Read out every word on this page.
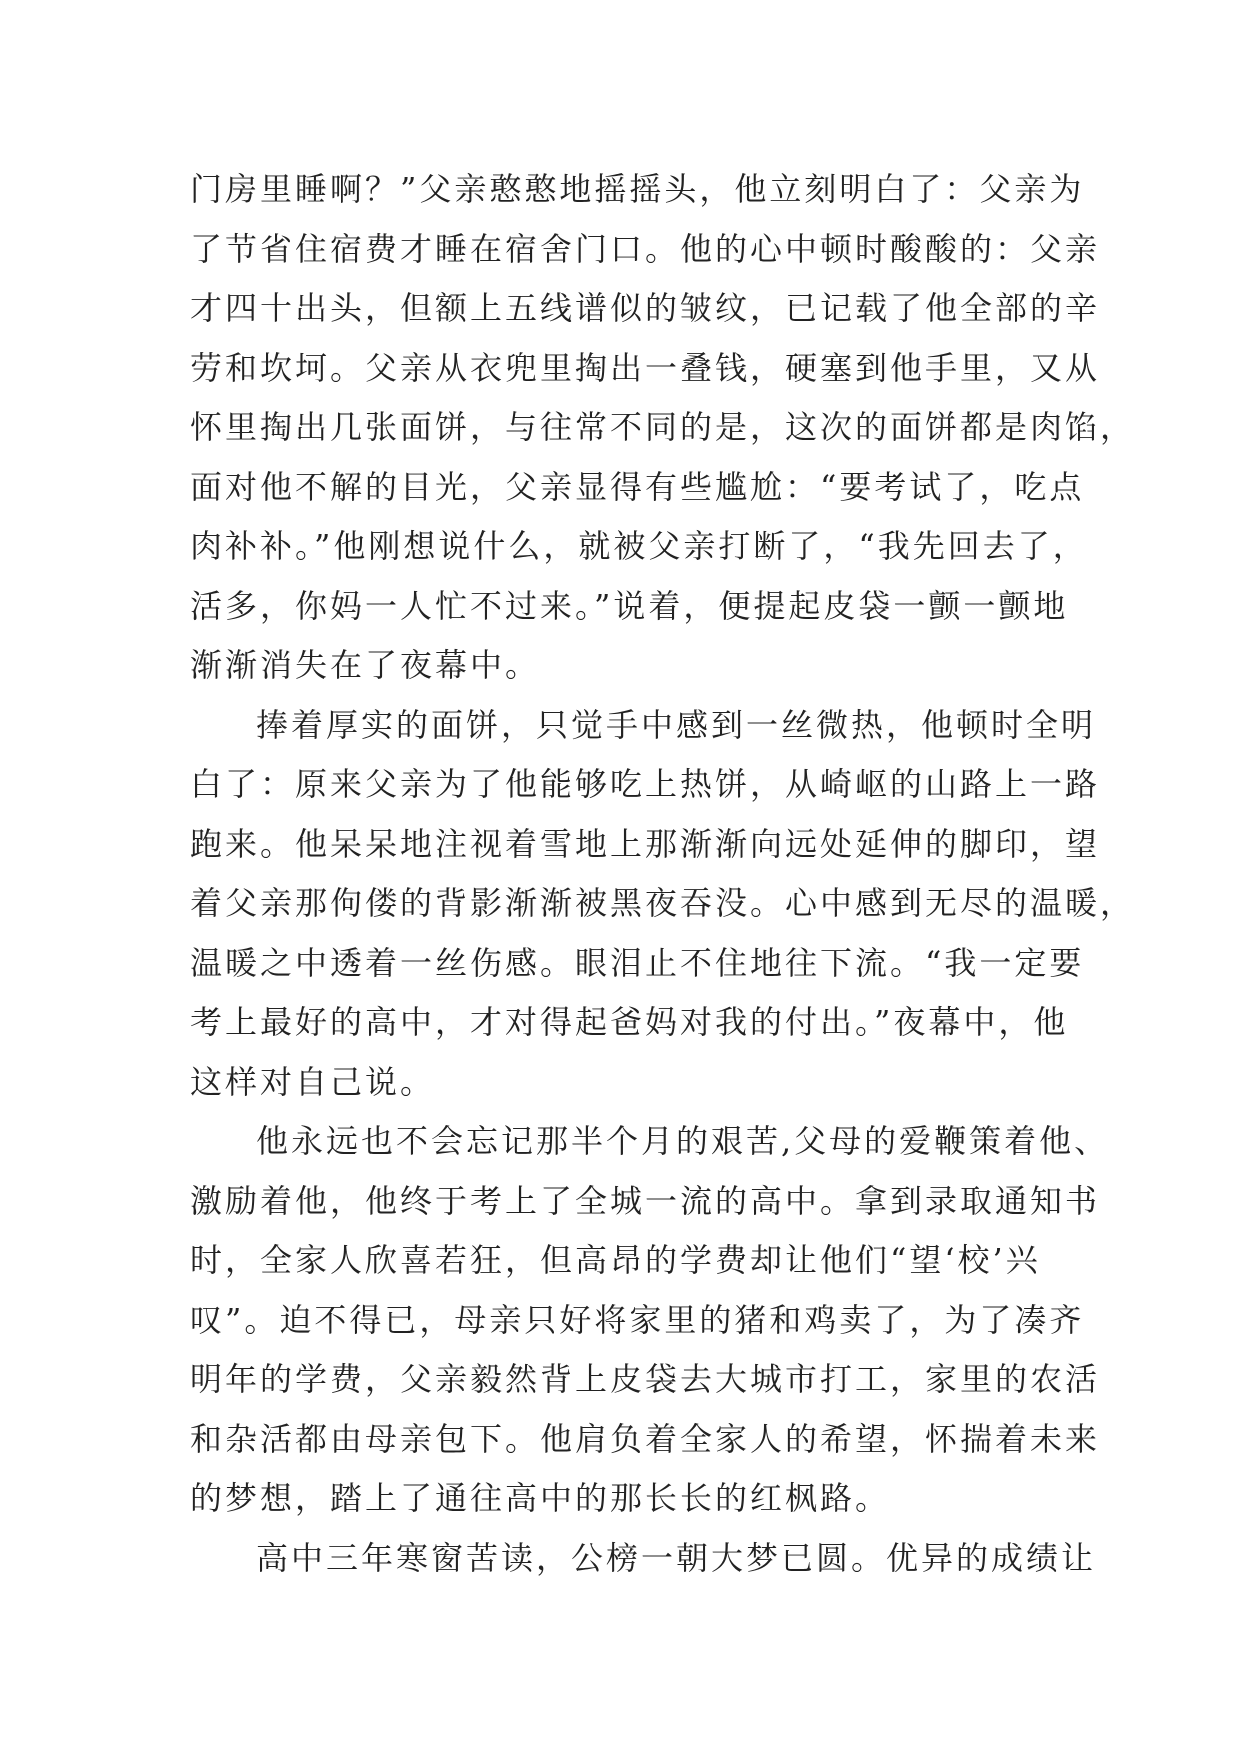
门房里睡啊？”父亲憨憨地摇摇头，他立刻明白了：父亲为
了节省住宿费才睡在宿舍门口。他的心中顿时酸酸的：父亲
才四十出头，但额上五线谱似的皱纹，已记载了他全部的辛
劳和坎坷。父亲从衣兜里掏出一叠钱，硬塞到他手里，又从
怀里掏出几张面饼，与往常不同的是，这次的面饼都是肉馅，
面对他不解的目光，父亲显得有些尴尬：“要考试了，吃点
肉补补。”他刚想说什么，就被父亲打断了，“我先回去了，
活多，你妈一人忙不过来。”说着，便提起皮袋一颤一颤地
渐渐消失在了夜幕中。
捧着厚实的面饼，只觉手中感到一丝微热，他顿时全明
白了：原来父亲为了他能够吃上热饼，从崎岖的山路上一路
跑来。他呆呆地注视着雪地上那渐渐向远处延伸的脚印，望
着父亲那佝偻的背影渐渐被黑夜吞没。心中感到无尽的温暖，
温暖之中透着一丝伤感。眼泪止不住地往下流。“我一定要
考上最好的高中，才对得起爸妈对我的付出。”夜幕中，他
这样对自己说。
他永远也不会忘记那半个月的艰苦,父母的爱鞭策着他、
激励着他，他终于考上了全城一流的高中。拿到录取通知书
时，全家人欣喜若狂，但高昂的学费却让他们“望‘校’兴
叹”。迫不得已，母亲只好将家里的猪和鸡卖了，为了凑齐
明年的学费，父亲毅然背上皮袋去大城市打工，家里的农活
和杂活都由母亲包下。他肩负着全家人的希望，怀揣着未来
的梦想，踏上了通往高中的那长长的红枫路。
高中三年寒窗苦读，公榜一朝大梦已圆。优异的成绩让
